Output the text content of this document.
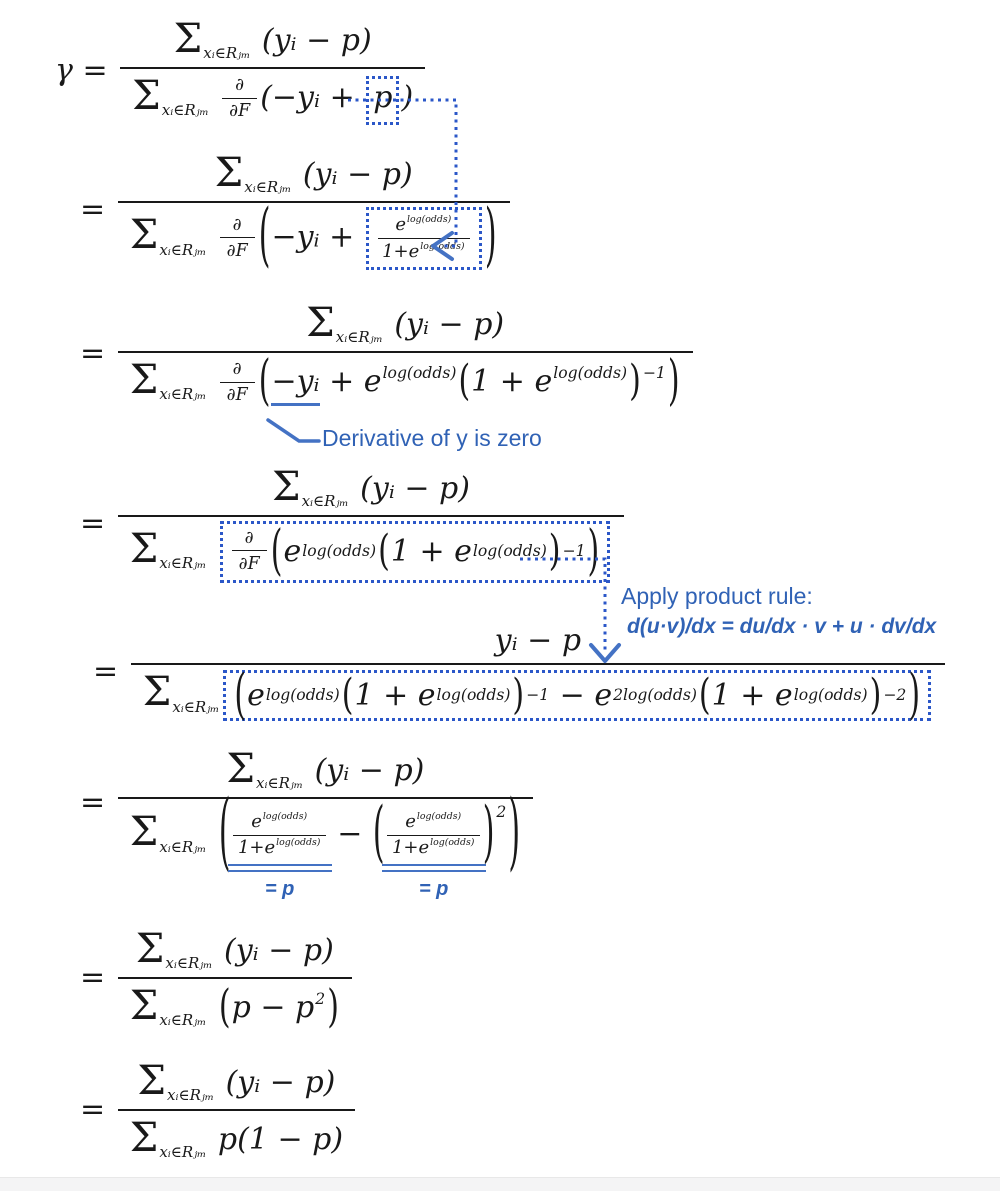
$\gamma = \frac{\Sigma_{xᵢ\in Rⱼ_m} (yᵢ - p)}{\Sigma_{xᵢ\in Rⱼ_m} \frac{\partial}{\partial F} (-yᵢ + p )}$
= $\frac{\Sigma_{xᵢ\in Rⱼ_m} (yᵢ - p)}{\Sigma_{xᵢ\in Rⱼ_m} \frac{\partial}{\partial F} (-yᵢ + \frac{e^{log(odds)}}{1+e^{log(odds)}} )}$
= $\frac{\Sigma_{xᵢ\in Rⱼ_m} (yᵢ - p)}{\Sigma_{xᵢ\in Rⱼ_m} \frac{\partial}{\partial F} (-yᵢ + e^{log(odds)}(1 + e^{log(odds)}) ^{-1})}$
= $\frac{\Sigma_{xᵢ\in Rⱼ_m} (yᵢ - p)}{\Sigma_{xᵢ\in Rⱼ_m} \frac{\partial}{\partial F} ( e \log(odds) ( 1 + e \log(odds) ) -1 )}$
=
yᵢ − p
$\Sigma_{xᵢ\in Rⱼ_m}$ ( e log(odds) ( 1 + e log(odds) ) −1 − e 2log(odds) ( 1 + e log(odds) ) −2 )
=
$\Sigma_{xᵢ\in Rⱼ_m}$ (yᵢ − p)
$\Sigma_{xᵢ\in Rⱼ_m}$ ( $\frac{e^{log(odds)}}{1+e^{log(odds)}}$
= p
− ( $\frac{e^{log(odds)}}{1+e^{log(odds)}}$
= p
) $^2$)
= $\frac{\Sigma_{xᵢ\in Rⱼ_m} (yᵢ - p)}{\Sigma_{xᵢ\in Rⱼ_m} (p - p^2)}$
= $\frac{\Sigma_{xᵢ\in Rⱼ_m} (yᵢ - p)}{\Sigma_{xᵢ\in Rⱼ_m} p(1 - p)}$
Derivative of y is zero
Apply product rule:
d(u·v)/dx = du/dx · v + u · dv/dx
